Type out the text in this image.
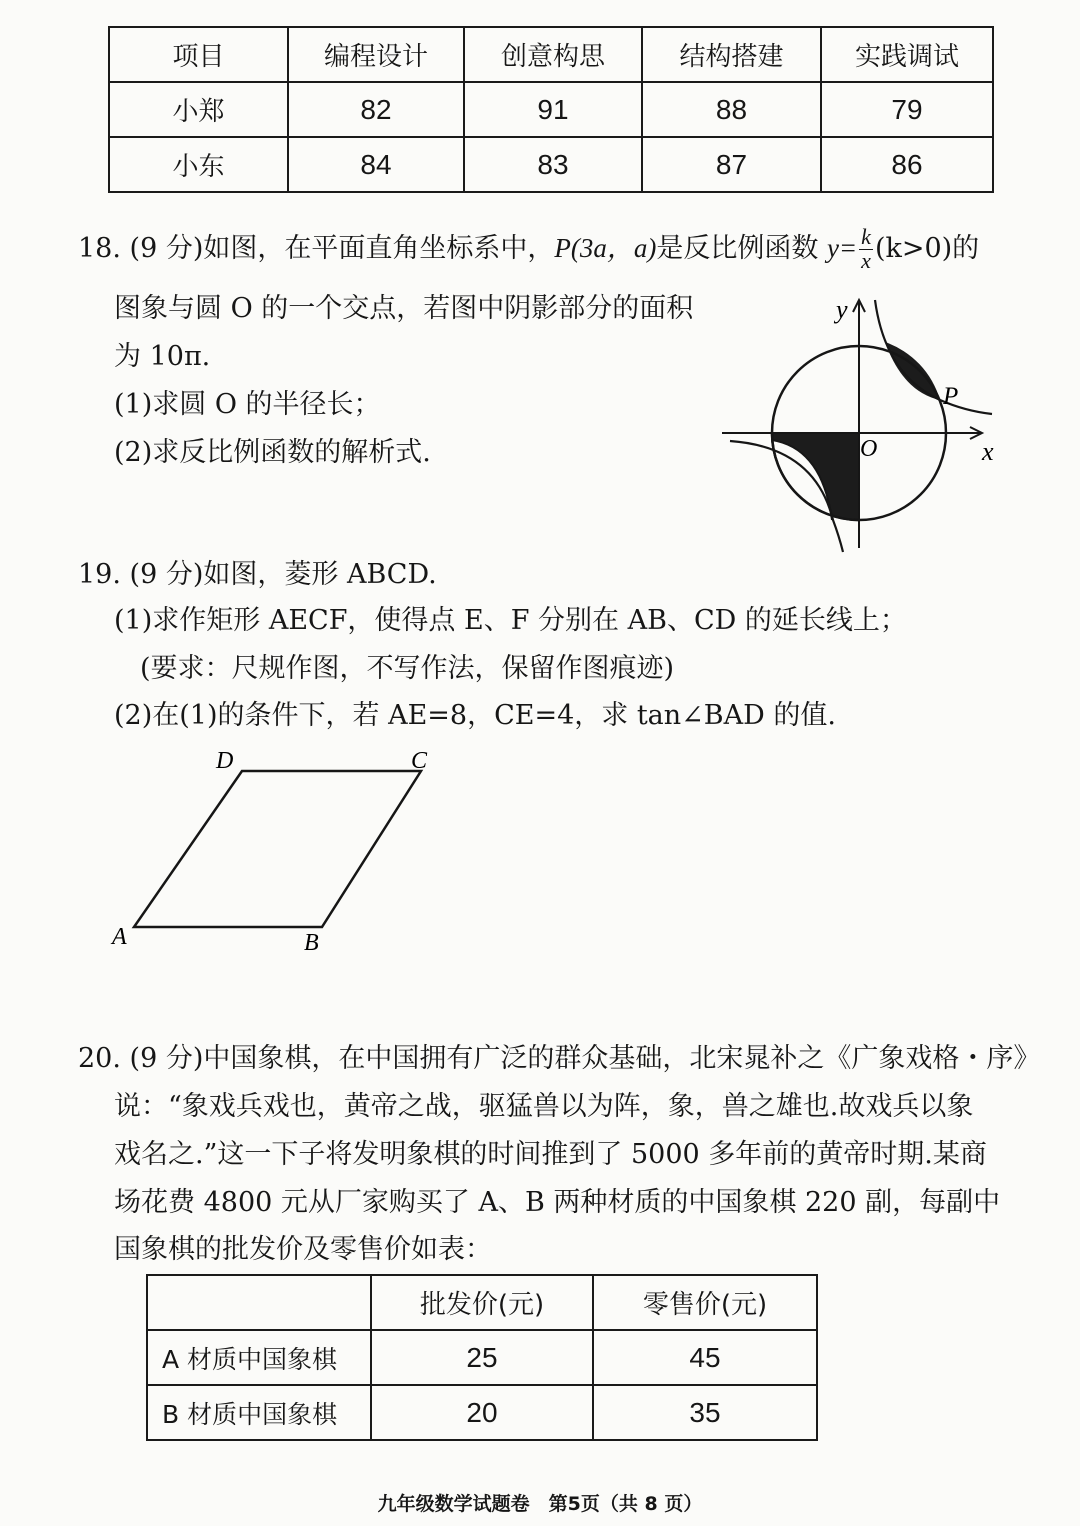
项目	编程设计	创意构思	结构搭建	实践调试
小郑	82	91	88	79
小东	84	83	87	86
18. (9 分)如图，在平面直角坐标系中，P(3a，a)是反比例函数 $y= \frac{k}{x} (k>0)$的
图象与圆 O 的一个交点，若图中阴影部分的面积
为 10π.
(1)求圆 O 的半径长；
(2)求反比例函数的解析式.
y
x
O
P
19. (9 分)如图，菱形 ABCD.
(1)求作矩形 AECF，使得点 E、F 分别在 AB、CD 的延长线上；
(要求：尺规作图，不写作法，保留作图痕迹)
(2)在(1)的条件下，若 AE=8，CE=4，求 tan∠BAD 的值.
A	B
C
D
20. (9 分)中国象棋，在中国拥有广泛的群众基础，北宋晁补之《广象戏格・序》
说：“象戏兵戏也，黄帝之战，驱猛兽以为阵，象，兽之雄也.故戏兵以象
戏名之.”这一下子将发明象棋的时间推到了 5000 多年前的黄帝时期.某商
场花费 4800 元从厂家购买了 A、B 两种材质的中国象棋 220 副，每副中
国象棋的批发价及零售价如表：
	批发价(元)	零售价(元)
A 材质中国象棋	25	45
B 材质中国象棋	20	35
九年级数学试题卷　第5页（共 8 页）
